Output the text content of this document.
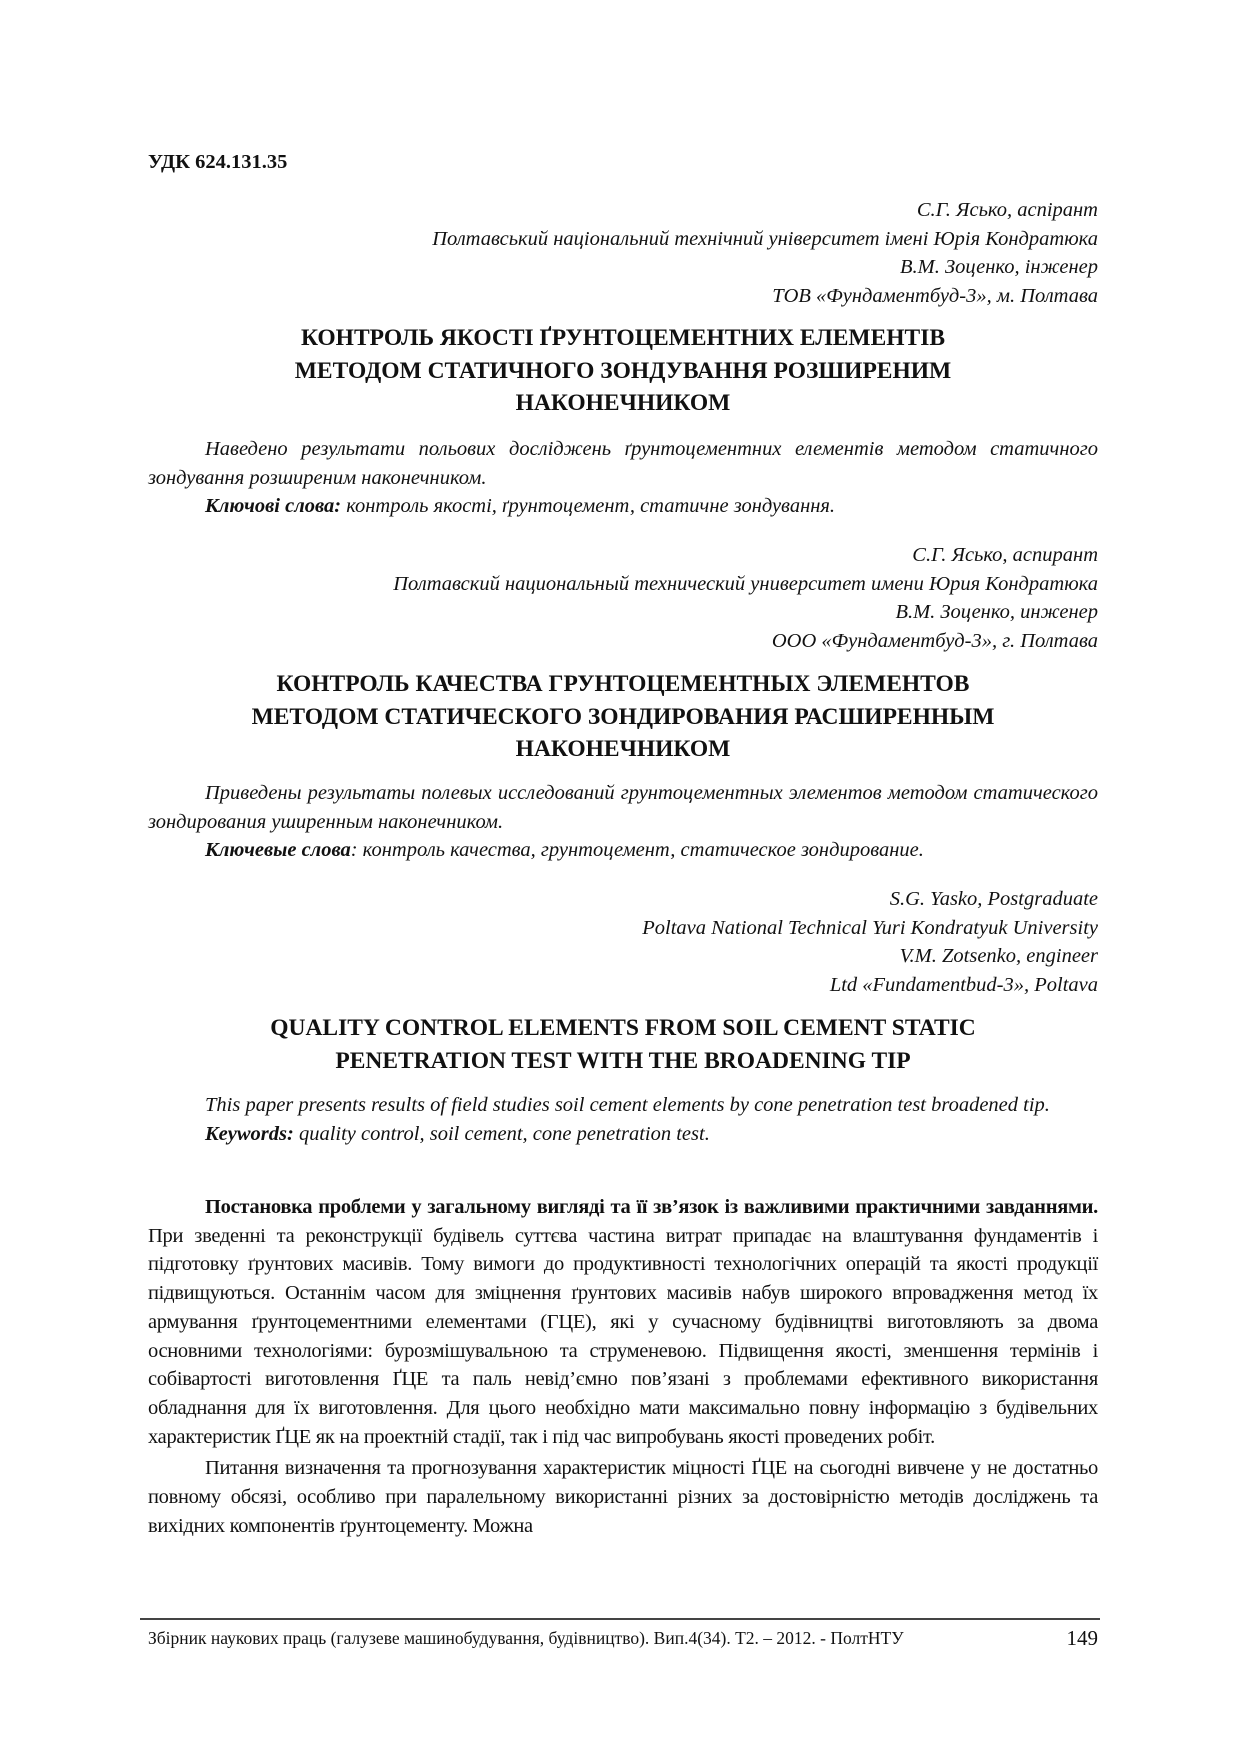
УДК 624.131.35
С.Г. Ясько, аспірант
Полтавський національний технічний університет імені Юрія Кондратюка
В.М. Зоценко, інженер
ТОВ «Фундаментбуд-3», м. Полтава
КОНТРОЛЬ ЯКОСТІ ҐРУНТОЦЕМЕНТНИХ ЕЛЕМЕНТІВ
МЕТОДОМ СТАТИЧНОГО ЗОНДУВАННЯ РОЗШИРЕНИМ
НАКОНЕЧНИКОМ
Наведено результати польових досліджень ґрунтоцементних елементів методом статичного зондування розширеним наконечником.
Ключові слова: контроль якості, ґрунтоцемент, статичне зондування.
С.Г. Ясько, аспирант
Полтавский национальный технический университет имени Юрия Кондратюка
В.М. Зоценко, инженер
ООО «Фундаментбуд-3», г. Полтава
КОНТРОЛЬ КАЧЕСТВА ГРУНТОЦЕМЕНТНЫХ ЭЛЕМЕНТОВ
МЕТОДОМ СТАТИЧЕСКОГО ЗОНДИРОВАНИЯ РАСШИРЕННЫМ
НАКОНЕЧНИКОМ
Приведены результаты полевых исследований грунтоцементных элементов методом статического зондирования уширенным наконечником.
Ключевые слова: контроль качества, грунтоцемент, статическое зондирование.
S.G. Yasko, Postgraduate
Poltava National Technical Yuri Kondratyuk University
V.M. Zotsenko, engineer
Ltd «Fundamentbud-3», Poltava
QUALITY CONTROL ELEMENTS FROM SOIL CEMENT STATIC
PENETRATION TEST WITH THE BROADENING TIP
This paper presents results of field studies soil cement elements by cone penetration test broadened tip.
Keywords: quality control, soil cement, cone penetration test.

Постановка проблеми у загальному вигляді та її зв’язок із важливими практичними завданнями. При зведенні та реконструкції будівель суттєва частина витрат припадає на влаштування фундаментів і підготовку ґрунтових масивів. Тому вимоги до продуктивності технологічних операцій та якості продукції підвищуються. Останнім часом для зміцнення ґрунтових масивів набув широкого впровадження метод їх армування ґрунтоцементними елементами (ГЦЕ), які у сучасному будівництві виготовляють за двома основними технологіями: бурозмішувальною та струменевою. Підвищення якості, зменшення термінів і собівартості виготовлення ҐЦЕ та паль невід’ємно пов’язані з проблемами ефективного використання обладнання для їх виготовлення. Для цього необхідно мати максимально повну інформацію з будівельних характеристик ҐЦЕ як на проектній стадії, так і під час випробувань якості проведених робіт.

Питання визначення та прогнозування характеристик міцності ҐЦЕ на сьогодні вивчене у не достатньо повному обсязі, особливо при паралельному використанні різних за достовірністю методів досліджень та вихідних компонентів ґрунтоцементу. Можна

Збірник наукових праць (галузеве машинобудування, будівництво). Вип.4(34). Т2. – 2012. - ПолтНТУ	149
